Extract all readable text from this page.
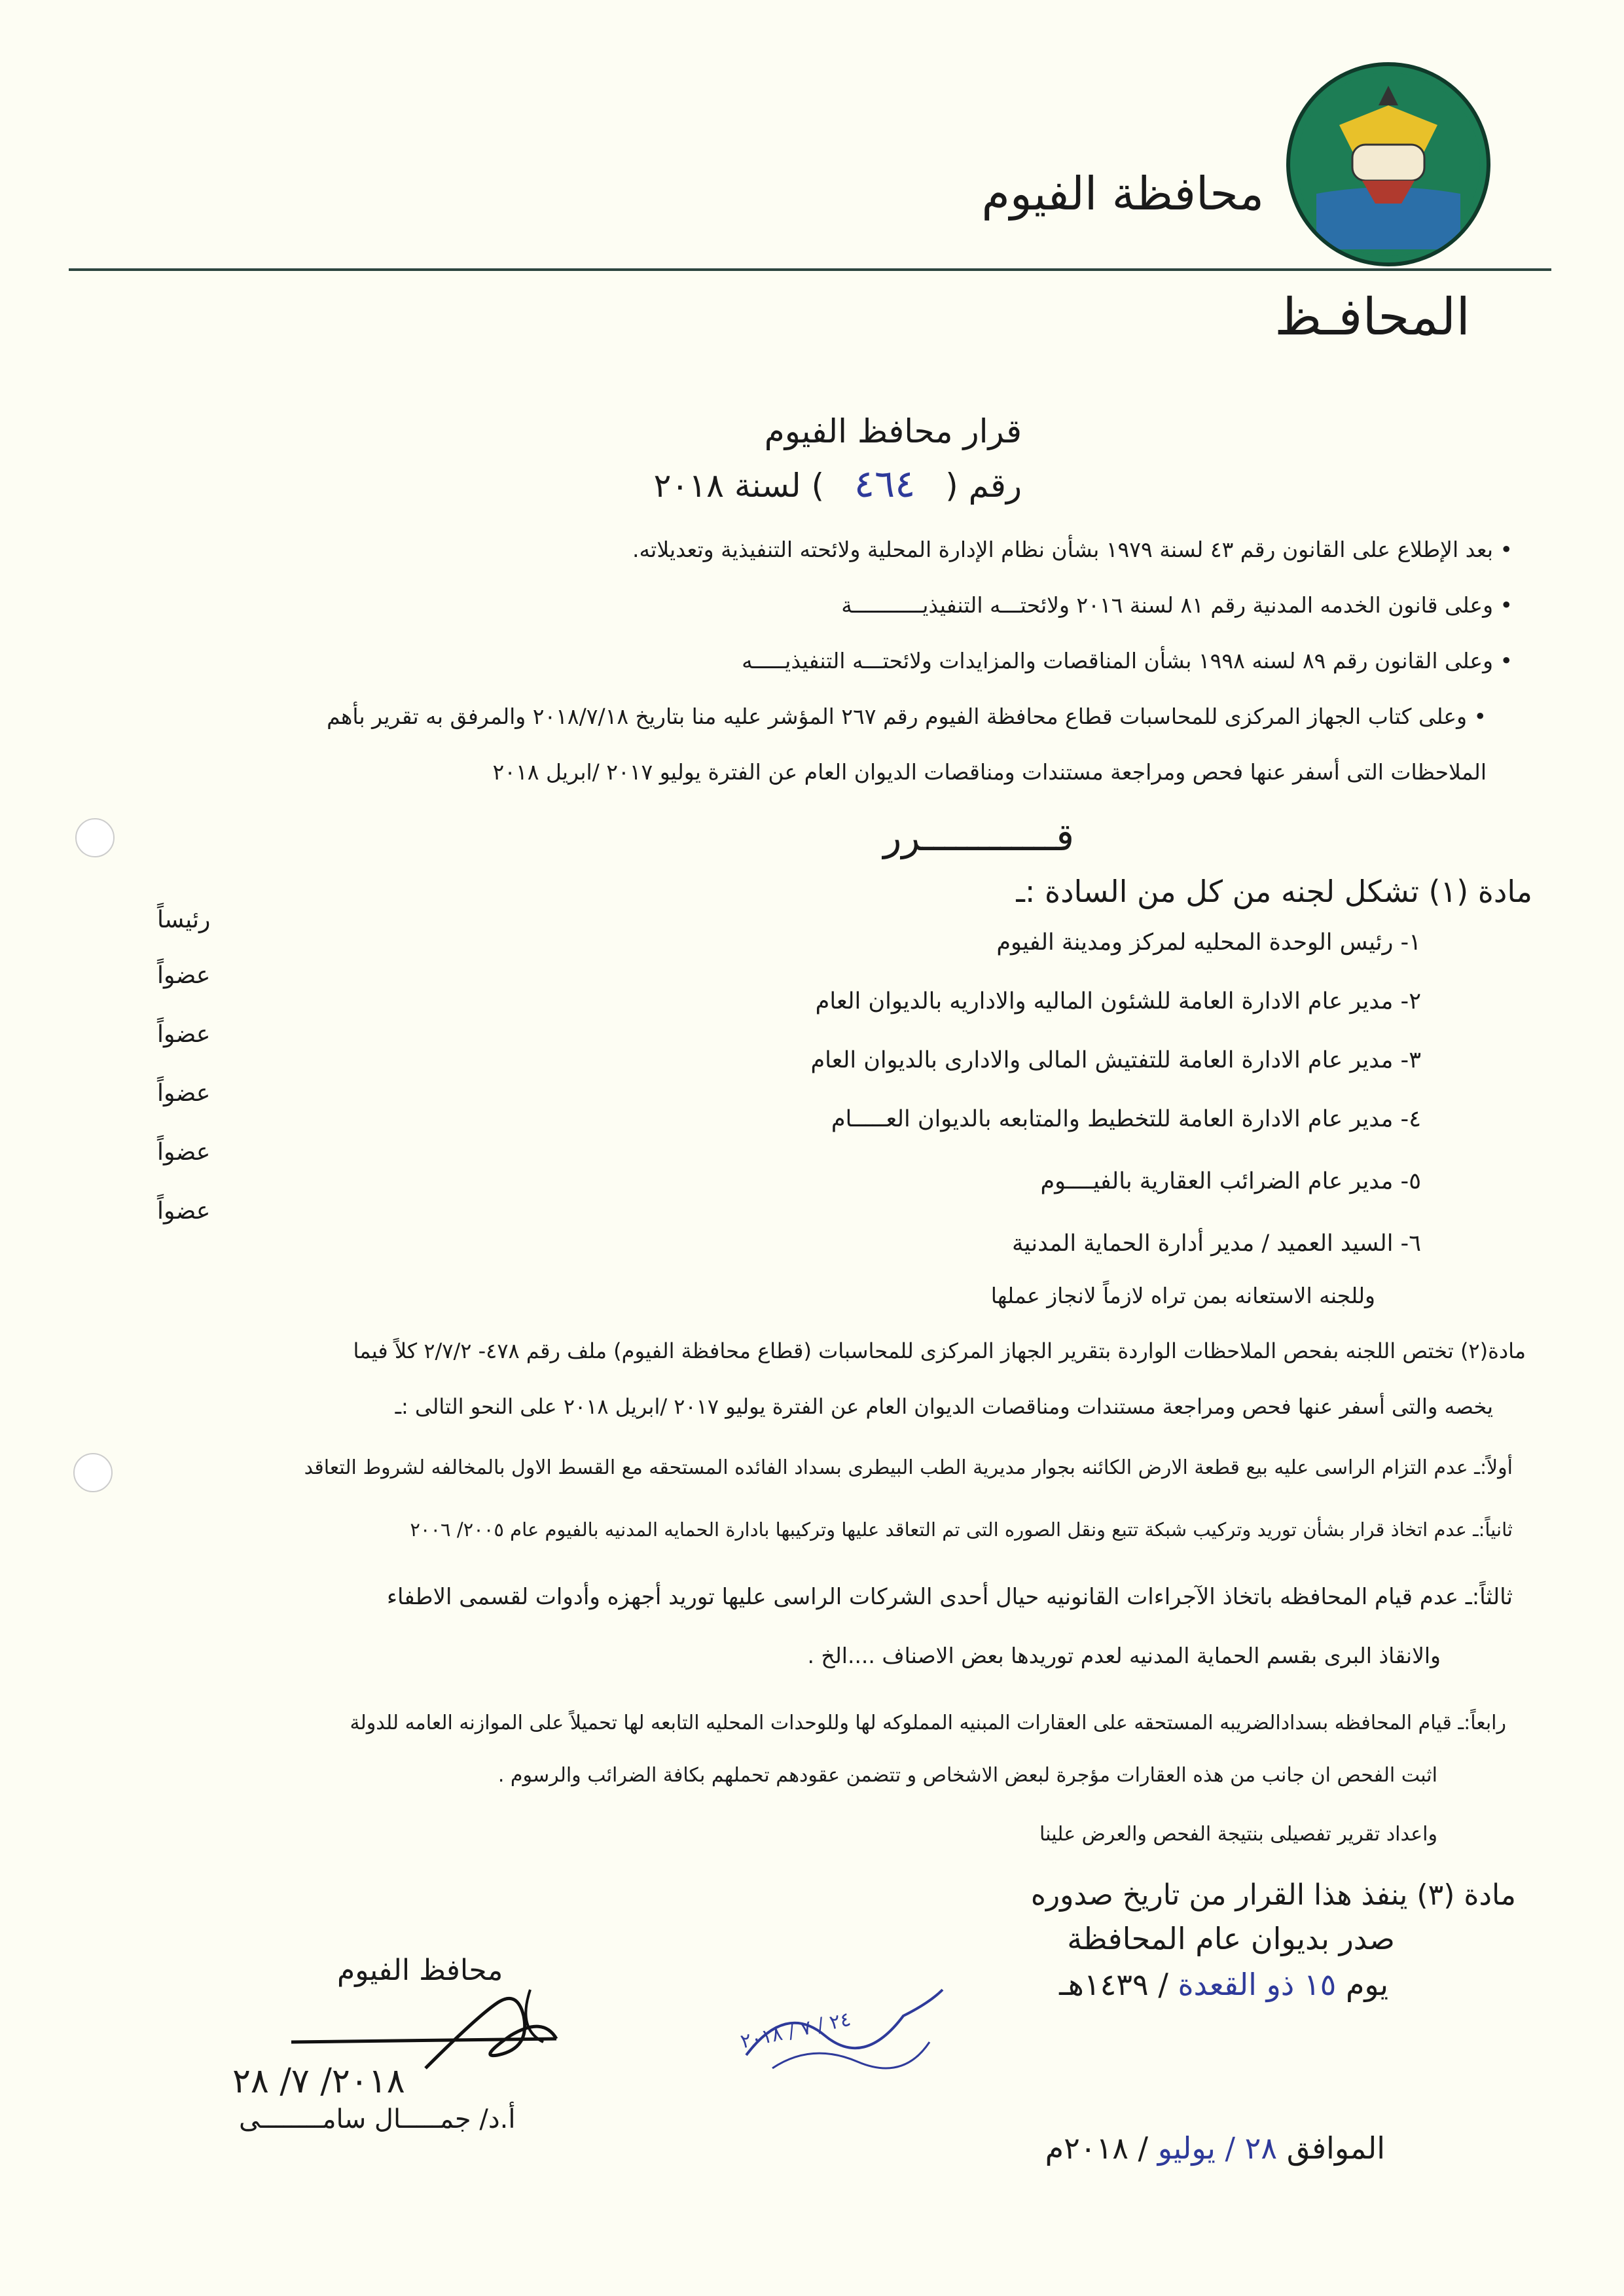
محافظة الفيوم
المحافـظ
قرار محافظ الفيوم
رقم ( ٤٦٤ ) لسنة ٢٠١٨
• بعد الإطلاع على القانون رقم ٤٣ لسنة ١٩٧٩ بشأن نظام الإدارة المحلية ولائحته التنفيذية وتعديلاته.
• وعلى قانون الخدمه المدنية رقم ٨١ لسنة ٢٠١٦ ولائحتـــه التنفيذيـــــــــــة
• وعلى القانون رقم ٨٩ لسنه ١٩٩٨ بشأن المناقصات والمزايدات ولائحتـــه التنفيذيـــــه
• وعلى كتاب الجهاز المركزى للمحاسبات قطاع محافظة الفيوم رقم ٢٦٧ المؤشر عليه منا بتاريخ ٢٠١٨/٧/١٨ والمرفق به تقرير بأهم
الملاحظات التى أسفر عنها فحص ومراجعة مستندات ومناقصات الديوان العام عن الفترة يوليو ٢٠١٧ /ابريل ٢٠١٨
قــــــــــــرر
مادة (١) تشكل لجنه من كل من السادة :ـ
١- رئيس الوحدة المحليه لمركز ومدينة الفيوم
رئيساً
٢- مدير عام الادارة العامة للشئون الماليه والاداريه بالديوان العام
عضواً
٣- مدير عام الادارة العامة للتفتيش المالى والادارى بالديوان العام
عضواً
٤- مدير عام الادارة العامة للتخطيط والمتابعه بالديوان العـــــام
عضواً
٥- مدير عام الضرائب العقارية بالفيــــوم
عضواً
٦- السيد العميد / مدير أدارة الحماية المدنية
عضواً
وللجنه الاستعانه بمن تراه لازماً لانجاز عملها
مادة(٢) تختص اللجنه بفحص الملاحظات الواردة بتقرير الجهاز المركزى للمحاسبات (قطاع محافظة الفيوم) ملف رقم ٤٧٨- ٢/٧/٢ كلاً فيما
يخصه والتى أسفر عنها فحص ومراجعة مستندات ومناقصات الديوان العام عن الفترة يوليو ٢٠١٧ /ابريل ٢٠١٨ على النحو التالى :ـ
أولاً:ـ عدم التزام الراسى عليه بيع قطعة الارض الكائنه بجوار مديرية الطب البيطرى بسداد الفائده المستحقه مع القسط الاول بالمخالفه لشروط التعاقد
ثانياً:ـ عدم اتخاذ قرار بشأن توريد وتركيب شبكة تتبع ونقل الصوره التى تم التعاقد عليها وتركيبها بادارة الحمايه المدنيه بالفيوم عام ٢٠٠٥/ ٢٠٠٦
ثالثاً:ـ عدم قيام المحافظه باتخاذ الآجراءات القانونيه حيال أحدى الشركات الراسى عليها توريد أجهزه وأدوات لقسمى الاطفاء
والانقاذ البرى بقسم الحماية المدنيه لعدم توريدها بعض الاصناف ....الخ .
رابعاً:ـ قيام المحافظه بسدادالضريبه المستحقه على العقارات المبنيه المملوكه لها وللوحدات المحليه التابعه لها تحميلاً على الموازنه العامه للدولة
اثبت الفحص ان جانب من هذه العقارات مؤجرة لبعض الاشخاص و تتضمن عقودهم تحملهم بكافة الضرائب والرسوم .
واعداد تقرير تفصيلى بنتيجة الفحص والعرض علينا
مادة (٣) ينفذ هذا القرار من تاريخ صدوره
صدر بديوان عام المحافظة
يوم ١٥ ذو القعدة / ١٤٣٩هـ
الموافق ٢٨ / يوليو / ٢٠١٨م
٢٤ / ٧ / ٢٠١٨
محافظ الفيوم
٢٠١٨/ ٧/ ٢٨
أ.د/ جمـــــال سامــــــــى
